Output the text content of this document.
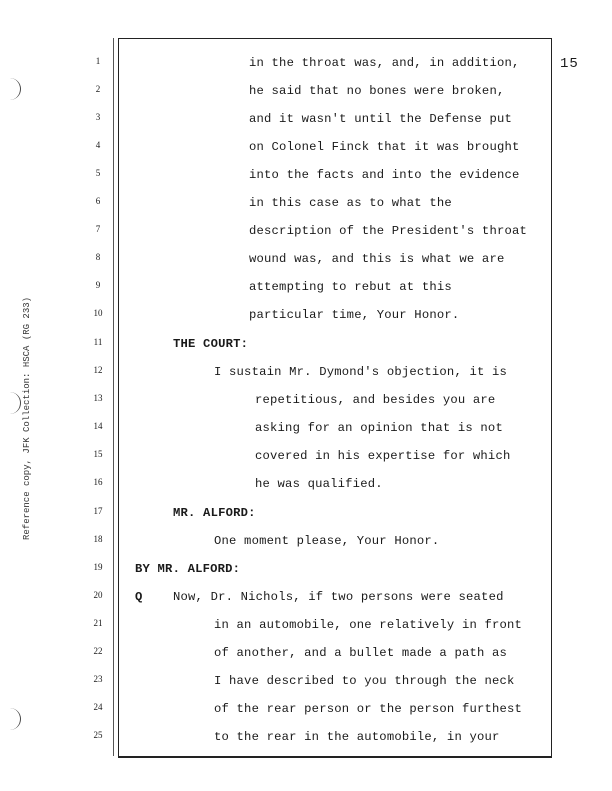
Reference copy, JFK Collection: HSCA (RG 233)
15
1
2
3
4
5
6
7
8
9
10
11
12
13
14
15
16
17
18
19
20
21
22
23
24
25
in the throat was, and, in addition,
he said that no bones were broken,
and it wasn't until the Defense put
on Colonel Finck that it was brought
into the facts and into the evidence
in this case as to what the
description of the President's throat
wound was, and this is what we are
attempting to rebut at this
particular time, Your Honor.
THE COURT:
I sustain Mr. Dymond's objection, it is
repetitious, and besides you are
asking for an opinion that is not
covered in his expertise for which
he was qualified.
MR. ALFORD:
One moment please, Your Honor.
BY MR. ALFORD:
Q Now, Dr. Nichols, if two persons were seated
in an automobile, one relatively in front
of another, and a bullet made a path as
I have described to you through the neck
of the rear person or the person furthest
to the rear in the automobile, in your
